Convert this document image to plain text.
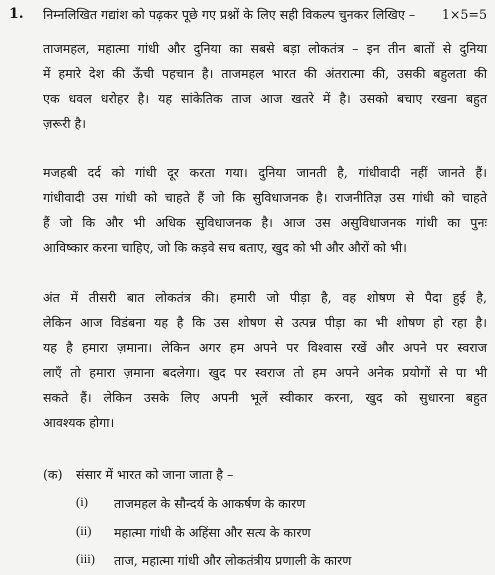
1. निम्नलिखित गद्यांश को पढ़कर पूछे गए प्रश्नों के लिए सही विकल्प चुनकर लिखिए – 1×5=5
ताजमहल, महात्मा गांधी और दुनिया का सबसे बड़ा लोकतंत्र – इन तीन बातों से दुनिया
में हमारे देश की ऊँची पहचान है। ताजमहल भारत की अंतरात्मा की, उसकी बहुलता की
एक धवल धरोहर है। यह सांकेतिक ताज आज खतरे में है। उसको बचाए रखना बहुत
ज़रूरी है।
मजहबी दर्द को गांधी दूर करता गया। दुनिया जानती है, गांधीवादी नहीं जानते हैं।
गांधीवादी उस गांधी को चाहते हैं जो कि सुविधाजनक है। राजनीतिज्ञ उस गांधी को चाहते
हैं जो कि और भी अधिक सुविधाजनक है। आज उस असुविधाजनक गांधी का पुनः
आविष्कार करना चाहिए, जो कि कड़वे सच बताए, खुद को भी और औरों को भी।
अंत में तीसरी बात लोकतंत्र की। हमारी जो पीड़ा है, वह शोषण से पैदा हुई है,
लेकिन आज विडंबना यह है कि उस शोषण से उत्पन्न पीड़ा का भी शोषण हो रहा है।
यह है हमारा ज़माना। लेकिन अगर हम अपने पर विश्वास रखें और अपने पर स्वराज
लाएँ तो हमारा ज़माना बदलेगा। खुद पर स्वराज तो हम अपने अनेक प्रयोगों से पा भी
सकते हैं। लेकिन उसके लिए अपनी भूलें स्वीकार करना, खुद को सुधारना बहुत
आवश्यक होगा।
(क) संसार में भारत को जाना जाता है –
(i) ताजमहल के सौन्दर्य के आकर्षण के कारण
(ii) महात्मा गांधी के अहिंसा और सत्य के कारण
(iii) ताज, महात्मा गांधी और लोकतंत्रीय प्रणाली के कारण
